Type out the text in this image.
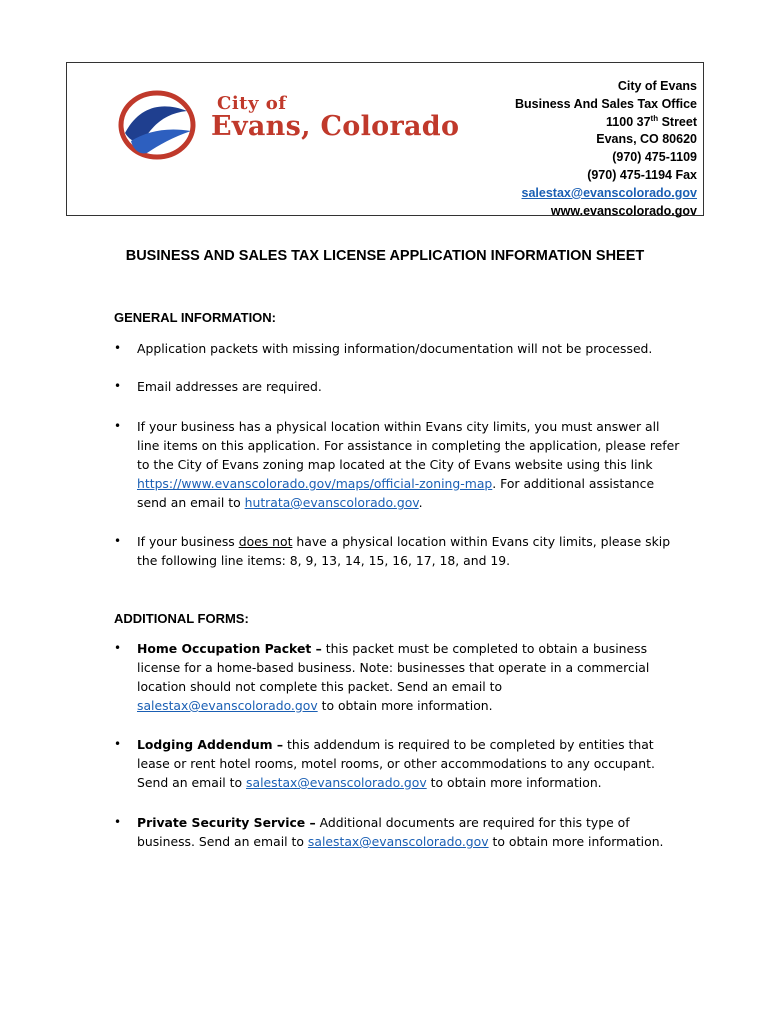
City of
Evans, Colorado
City of Evans
Business And Sales Tax Office
1100 37th Street
Evans, CO 80620
(970) 475-1109
(970) 475-1194 Fax
salestax@evanscolorado.gov
www.evanscolorado.gov
BUSINESS AND SALES TAX LICENSE APPLICATION INFORMATION SHEET
GENERAL INFORMATION:
• Application packets with missing information/documentation will not be processed.
• Email addresses are required.
• If your business has a physical location within Evans city limits, you must answer all line items on this application. For assistance in completing the application, please refer to the City of Evans zoning map located at the City of Evans website using this link https://www.evanscolorado.gov/maps/official-zoning-map. For additional assistance send an email to hutrata@evanscolorado.gov.
• If your business does not have a physical location within Evans city limits, please skip the following line items: 8, 9, 13, 14, 15, 16, 17, 18, and 19.
ADDITIONAL FORMS:
• Home Occupation Packet – this packet must be completed to obtain a business license for a home-based business. Note: businesses that operate in a commercial location should not complete this packet. Send an email to salestax@evanscolorado.gov to obtain more information.
• Lodging Addendum – this addendum is required to be completed by entities that lease or rent hotel rooms, motel rooms, or other accommodations to any occupant. Send an email to salestax@evanscolorado.gov to obtain more information.
• Private Security Service – Additional documents are required for this type of business. Send an email to salestax@evanscolorado.gov to obtain more information.
